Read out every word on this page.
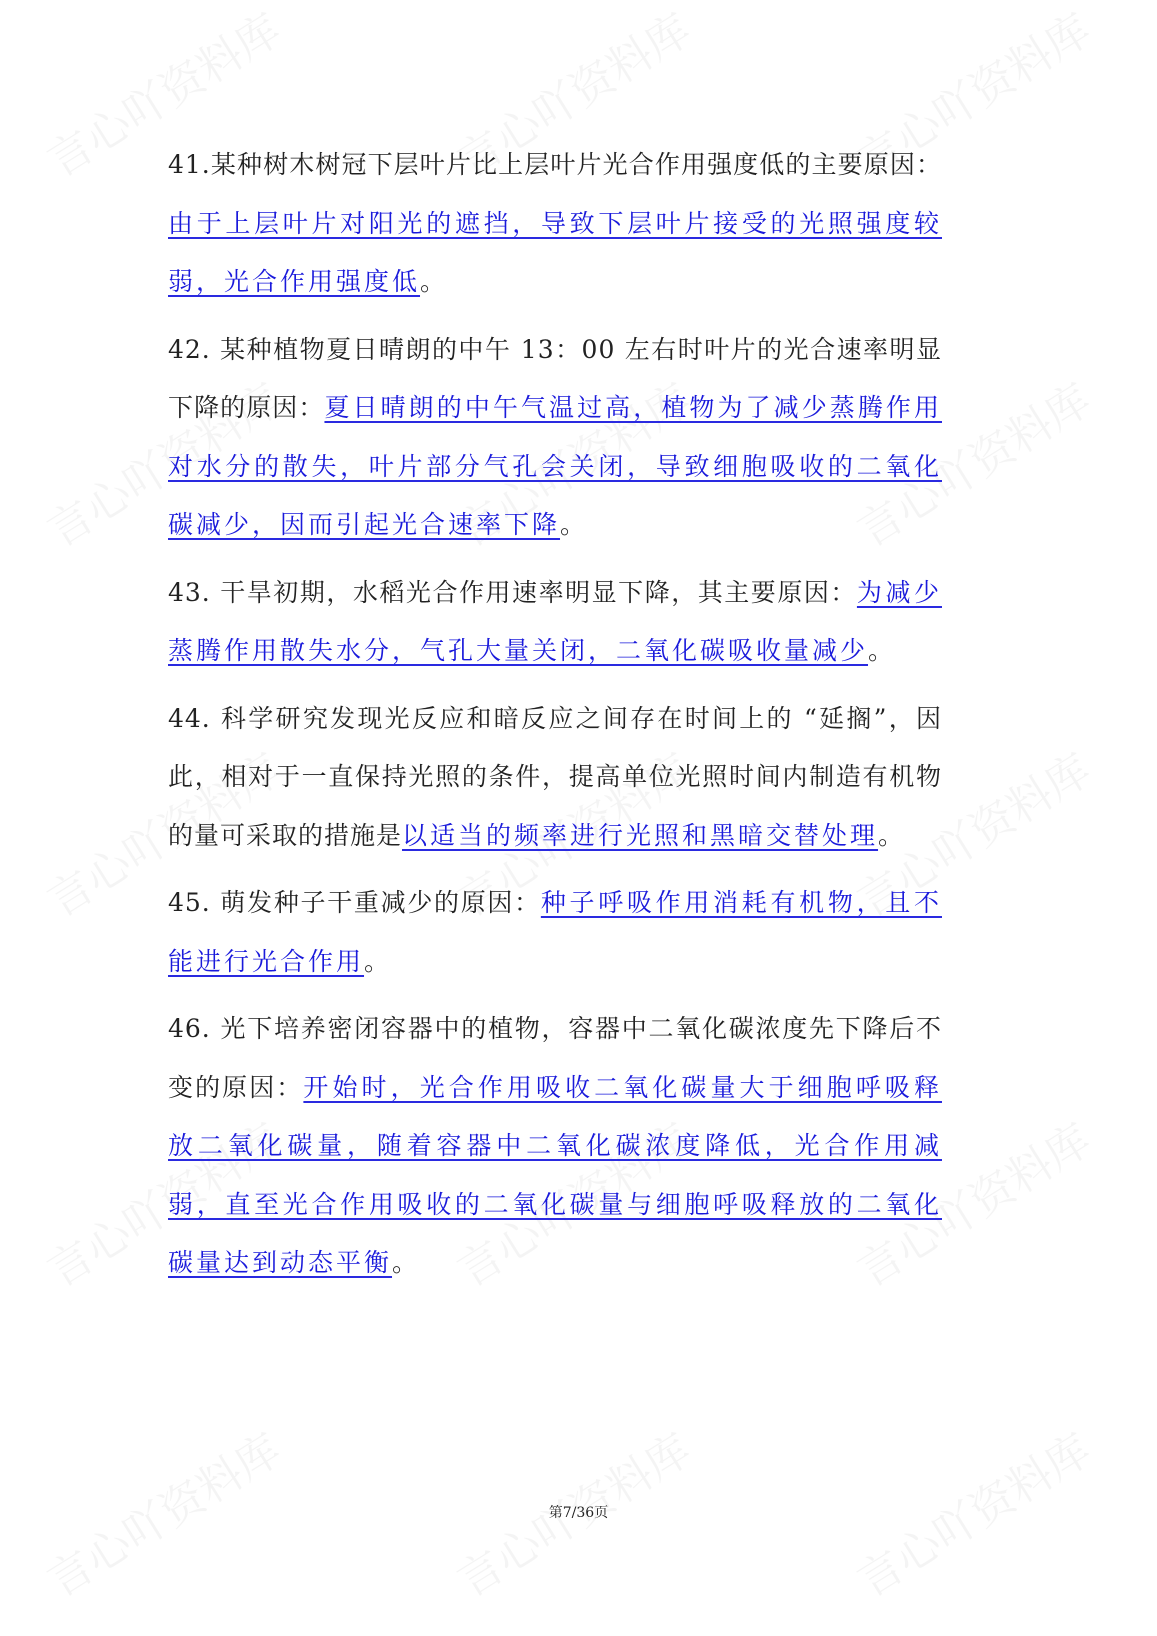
41.某种树木树冠下层叶片比上层叶片光合作用强度低的主要原因：由于上层叶片对阳光的遮挡，导致下层叶片接受的光照强度较弱，光合作用强度低。

42. 某种植物夏日晴朗的中午 13：00 左右时叶片的光合速率明显下降的原因：夏日晴朗的中午气温过高，植物为了减少蒸腾作用对水分的散失，叶片部分气孔会关闭，导致细胞吸收的二氧化碳减少，因而引起光合速率下降。

43. 干旱初期，水稻光合作用速率明显下降，其主要原因：为减少蒸腾作用散失水分，气孔大量关闭，二氧化碳吸收量减少。

44. 科学研究发现光反应和暗反应之间存在时间上的 “延搁”，因此，相对于一直保持光照的条件，提高单位光照时间内制造有机物的量可采取的措施是以适当的频率进行光照和黑暗交替处理。

45. 萌发种子干重减少的原因：种子呼吸作用消耗有机物，且不能进行光合作用。

46. 光下培养密闭容器中的植物，容器中二氧化碳浓度先下降后不变的原因：开始时，光合作用吸收二氧化碳量大于细胞呼吸释放二氧化碳量，随着容器中二氧化碳浓度降低，光合作用减弱，直至光合作用吸收的二氧化碳量与细胞呼吸释放的二氧化碳量达到动态平衡。

第7/36页
